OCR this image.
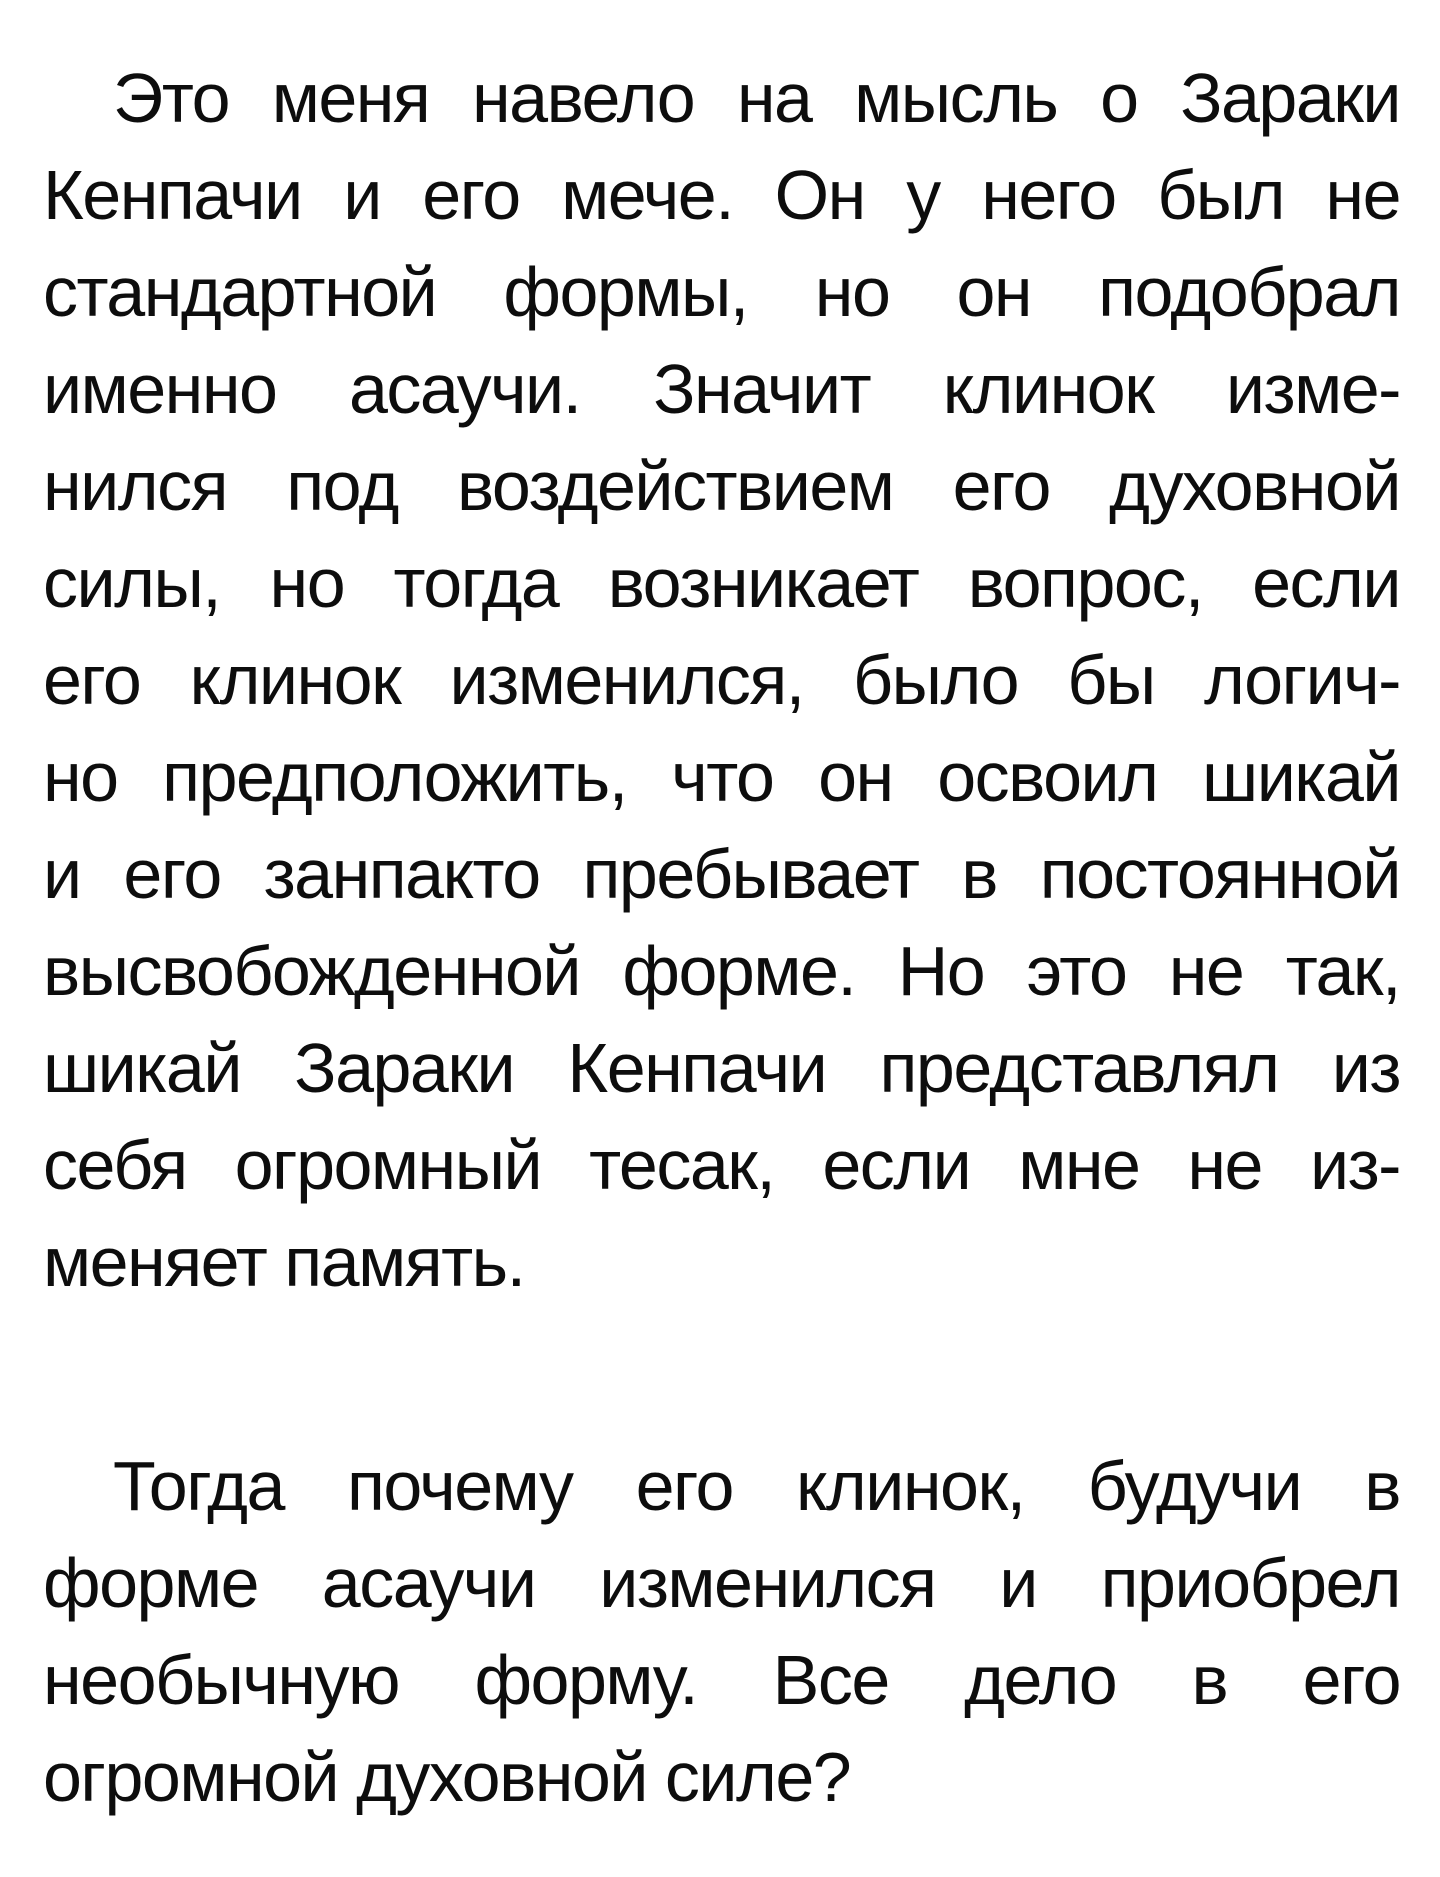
Это меня навело на мысль о Зараки
Кенпачи и его мече. Он у него был не
стандартной формы, но он подобрал
именно асаучи. Значит клинок изме-
нился под воздействием его духовной
силы, но тогда возникает вопрос, если
его клинок изменился, было бы логич-
но предположить, что он освоил шикай
и его занпакто пребывает в постоянной
высвобожденной форме. Но это не так,
шикай Зараки Кенпачи представлял из
себя огромный тесак, если мне не из-
меняет память.
Тогда почему его клинок, будучи в
форме асаучи изменился и приобрел
необычную форму. Все дело в его
огромной духовной силе?
